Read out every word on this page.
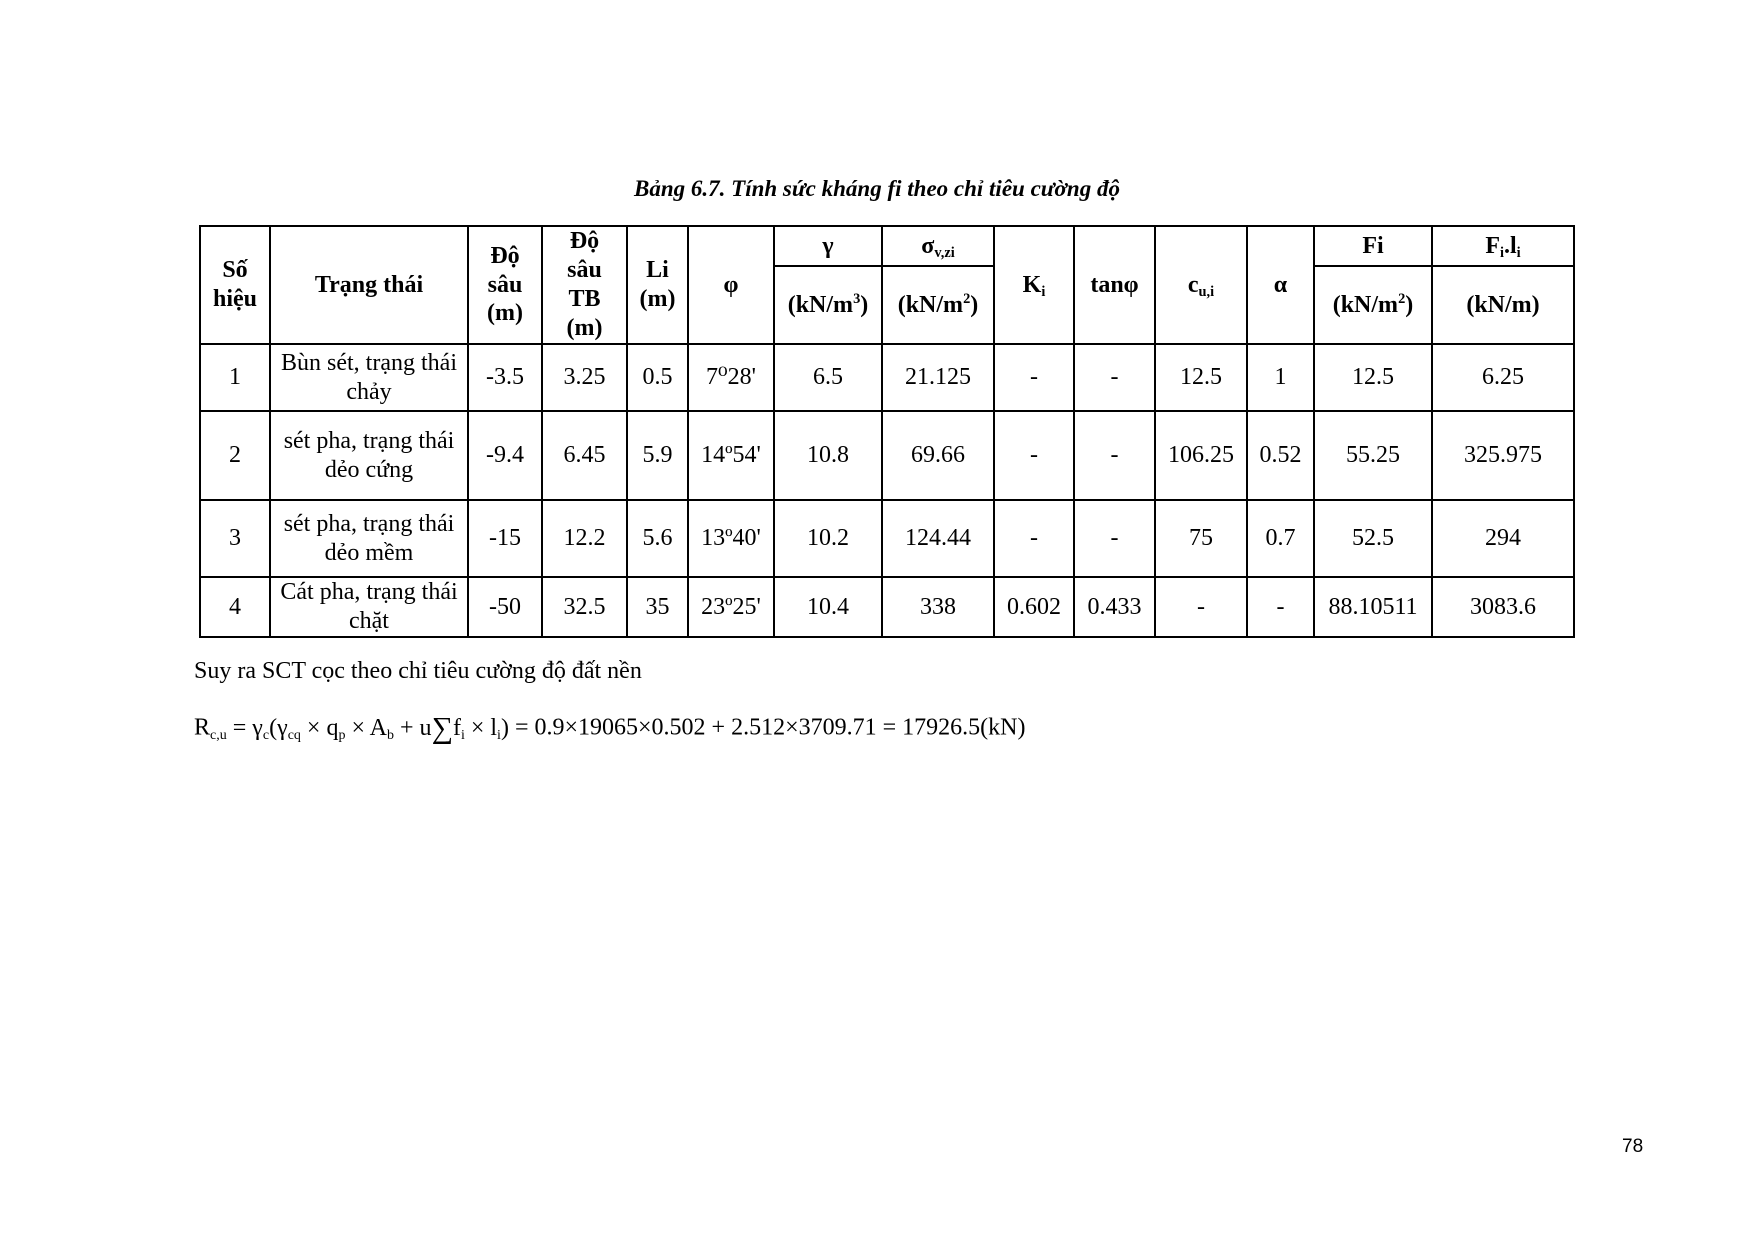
Bảng 6.7. Tính sức kháng fi theo chỉ tiêu cường độ

Số
hiệu	Trạng thái	Độ
sâu
(m)	Độ
sâu
TB
(m)	Li
(m)	φ	γ	$\sigma_{v,zi}$	$K_i$	tanφ	$c_{u,i}$	α	Fi	$F_i.l_i$
						$(kN/m^3)$	$(kN/m^2)$					$(kN/m^2)$	(kN/m)
1	Bùn sét, trạng thái chảy	-3.5	3.25	0.5	7⁰28'	6.5	21.125	-	-	12.5	1	12.5	6.25
2	sét pha, trạng thái dẻo cứng	-9.4	6.45	5.9	14º54'	10.8	69.66	-	-	106.25	0.52	55.25	325.975
3	sét pha, trạng thái dẻo mềm	-15	12.2	5.6	13º40'	10.2	124.44	-	-	75	0.7	52.5	294
4	Cát pha, trạng thái chặt	-50	32.5	35	23º25'	10.4	338	0.602	0.433	-	-	88.10511	3083.6

Suy ra SCT cọc theo chỉ tiêu cường độ đất nền

Rc,u = γc(γcq × qp × Ab + u∑fi × li) = 0.9×19065×0.502 + 2.512×3709.71 = 17926.5(kN)

78
